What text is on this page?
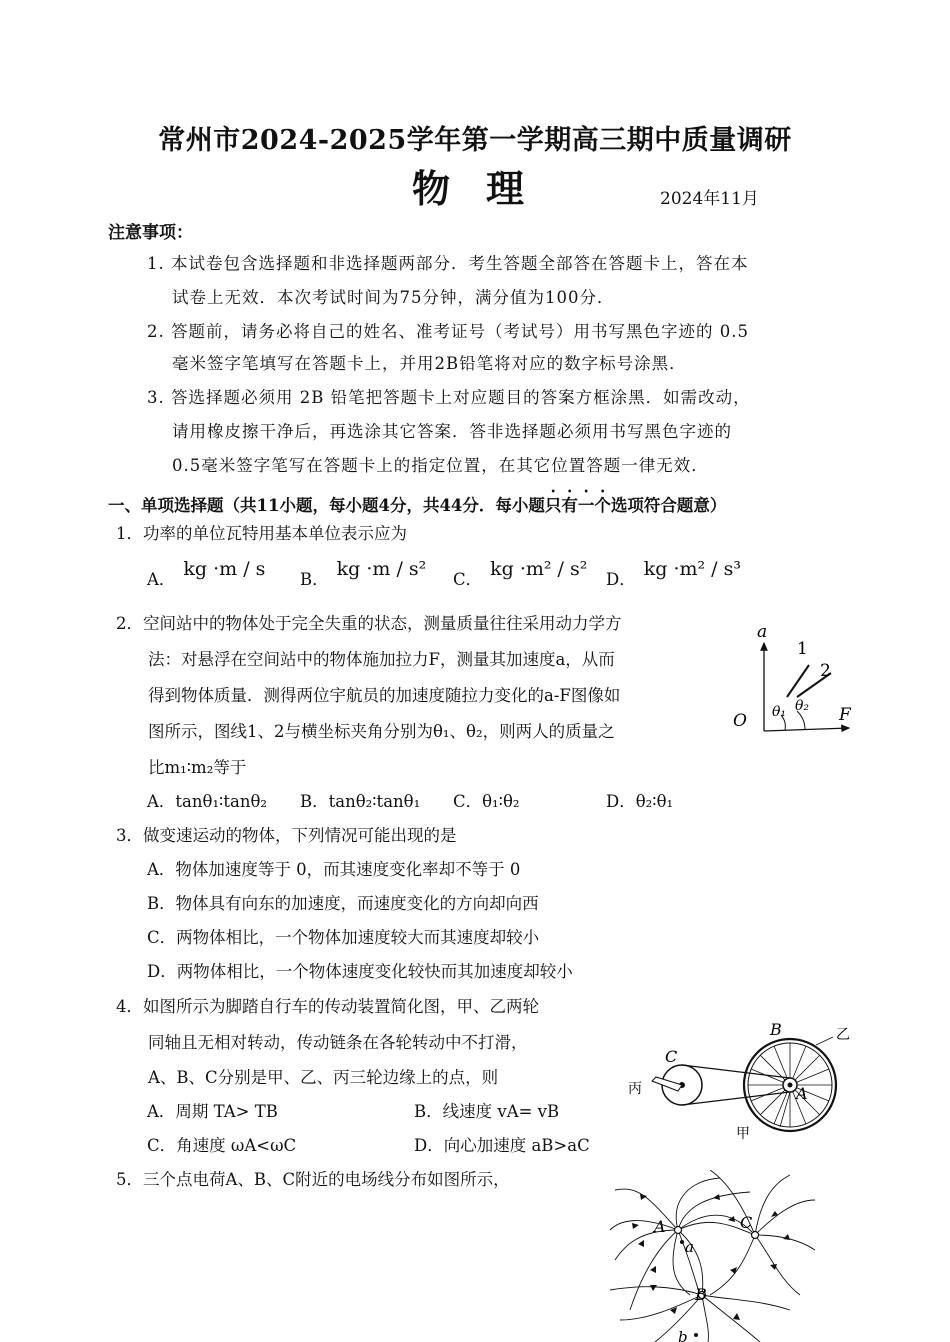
常州市2024-2025学年第一学期高三期中质量调研
物理	2024年11月
注意事项：
1. 本试卷包含选择题和非选择题两部分．考生答题全部答在答题卡上，答在本
试卷上无效．本次考试时间为75分钟，满分值为100分．
2. 答题前，请务必将自己的姓名、准考证号（考试号）用书写黑色字迹的 0.5
毫米签字笔填写在答题卡上，并用2B铅笔将对应的数字标号涂黑．
3. 答选择题必须用 2B 铅笔把答题卡上对应题目的答案方框涂黑．如需改动，
请用橡皮擦干净后，再选涂其它答案．答非选择题必须用书写黑色字迹的
0.5毫米签字笔写在答题卡上的指定位置，在其它位置答题一律无效．
一、单项选择题（共11小题，每小题4分，共44分．每小题只有一个选项符合题意）
1．功率的单位瓦特用基本单位表示应为
A． kg ·m / s B． kg ·m / s² C． kg ·m² / s² D． kg ·m² / s³
2．空间站中的物体处于完全失重的状态，测量质量往往采用动力学方
法：对悬浮在空间站中的物体施加拉力F，测量其加速度a，从而
得到物体质量．测得两位宇航员的加速度随拉力变化的a-F图像如
图所示，图线1、2与横坐标夹角分别为θ₁、θ₂，则两人的质量之
比m₁∶m₂等于
A．tanθ₁∶tanθ₂ B．tanθ₂∶tanθ₁ C．θ₁∶θ₂	D．θ₂∶θ₁
a
F
O
1
2
θ₁ θ₂
3．做变速运动的物体，下列情况可能出现的是
A．物体加速度等于 0，而其速度变化率却不等于 0
B．物体具有向东的加速度，而速度变化的方向却向西
C．两物体相比，一个物体加速度较大而其速度却较小
D．两物体相比，一个物体速度变化较快而其加速度却较小
4．如图所示为脚踏自行车的传动装置简化图，甲、乙两轮
同轴且无相对转动，传动链条在各轮转动中不打滑，
A、B、C分别是甲、乙、丙三轮边缘上的点，则
A．周期 TA> TB	B．线速度 vA= vB
C．角速度 ωA<ωC	D．向心加速度 aB>aC
B
C
A
乙
丙
甲
5．三个点电荷A、B、C附近的电场线分布如图所示，
A	C
a
B
b
